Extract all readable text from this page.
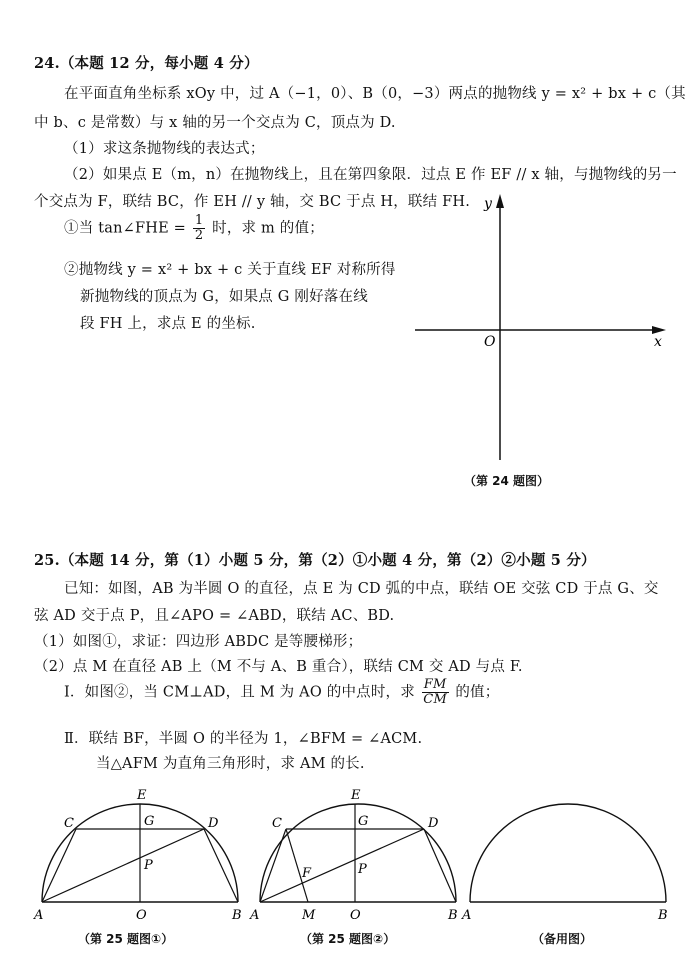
24.（本题 12 分，每小题 4 分）
在平面直角坐标系 xOy 中，过 A（−1，0）、B（0，−3）两点的抛物线 y = x² + bx + c（其
中 b、c 是常数）与 x 轴的另一个交点为 C，顶点为 D.
（1）求这条抛物线的表达式；
（2）如果点 E（m，n）在抛物线上，且在第四象限．过点 E 作 EF // x 轴，与抛物线的另一
个交点为 F，联结 BC，作 EH // y 轴，交 BC 于点 H，联结 FH.
①当 tan∠FHE = $\frac{1}{2}$ 时，求 m 的值；
②抛物线 y = x² + bx + c 关于直线 EF 对称所得
新抛物线的顶点为 G，如果点 G 刚好落在线
段 FH 上，求点 E 的坐标.
y
x
O
（第 24 题图）
25.（本题 14 分，第（1）小题 5 分，第（2）①小题 4 分，第（2）②小题 5 分）
已知：如图，AB 为半圆 O 的直径，点 E 为 CD 弧的中点，联结 OE 交弦 CD 于点 G、交
弦 AD 交于点 P，且∠APO = ∠ABD，联结 AC、BD.
（1）如图①，求证：四边形 ABDC 是等腰梯形；
（2）点 M 在直径 AB 上（M 不与 A、B 重合），联结 CM 交 AD 与点 F.
Ⅰ．如图②，当 CM⊥AD，且 M 为 AO 的中点时，求 $\frac{FM}{CM}$ 的值；
Ⅱ．联结 BF，半圆 O 的半径为 1，∠BFM = ∠ACM.
当△AFM 为直角三角形时，求 AM 的长.
E
C	G	D
P
A	O	B
（第 25 题图①）
E
C	G	D
F	P
A	M	O	B
（第 25 题图②）
A	B
（备用图）
